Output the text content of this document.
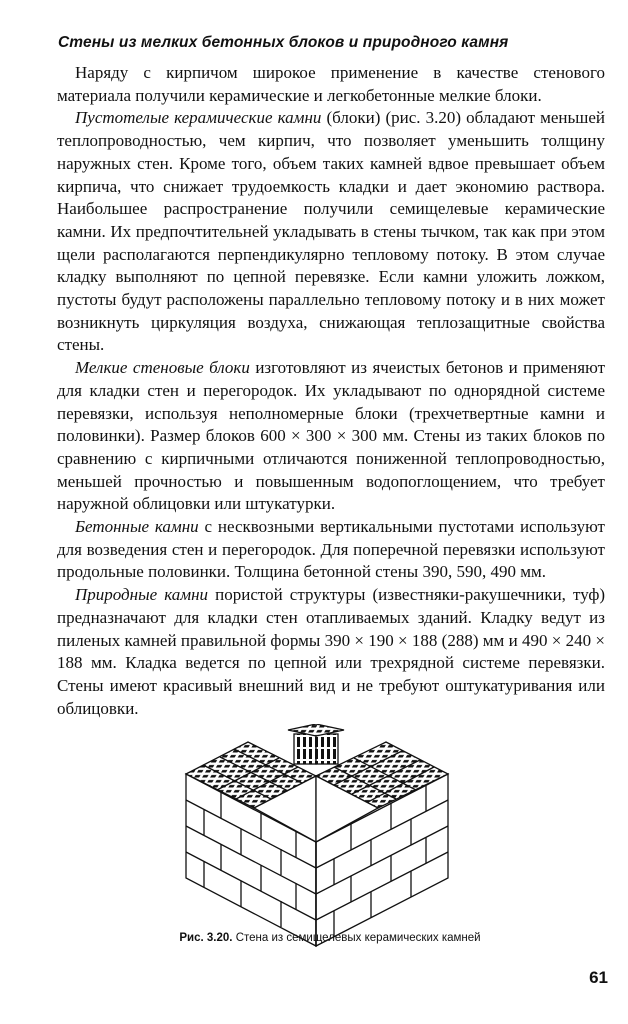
Стены из мелких бетонных блоков и природного камня

Наряду с кирпичом широкое применение в качестве стенового материала получили керамические и легкобетонные мелкие блоки.

Пустотелые керамические камни (блоки) (рис. 3.20) обладают меньшей теплопроводностью, чем кирпич, что позволяет уменьшить толщину наружных стен. Кроме того, объем таких камней вдвое превышает объем кирпича, что снижает трудоемкость кладки и дает экономию раствора. Наибольшее распространение получили семищелевые керамические камни. Их предпочтительней укладывать в стены тычком, так как при этом щели располагаются перпендикулярно тепловому потоку. В этом случае кладку выполняют по цепной перевязке. Если камни уложить ложком, пустоты будут расположены параллельно тепловому потоку и в них может возникнуть циркуляция воздуха, снижающая теплозащитные свойства стены.

Мелкие стеновые блоки изготовляют из ячеистых бетонов и применяют для кладки стен и перегородок. Их укладывают по однорядной системе перевязки, используя неполномерные блоки (трехчетвертные камни и половинки). Размер блоков 600 × 300 × 300 мм. Стены из таких блоков по сравнению с кирпичными отличаются пониженной теплопроводностью, меньшей прочностью и повышенным водопоглощением, что требует наружной облицовки или штукатурки.

Бетонные камни с несквозными вертикальными пустотами используют для возведения стен и перегородок. Для поперечной перевязки используют продольные половинки. Толщина бетонной стены 390, 590, 490 мм.

Природные камни пористой структуры (известняки-ракушечники, туф) предназначают для кладки стен отапливаемых зданий. Кладку ведут из пиленых камней правильной формы 390 × 190 × 188 (288) мм и 490 × 240 × 188 мм. Кладка ведется по цепной или трехрядной системе перевязки. Стены имеют красивый внешний вид и не требуют оштукатуривания или облицовки.

Рис. 3.20. Стена из семищелевых керамических камней
61
